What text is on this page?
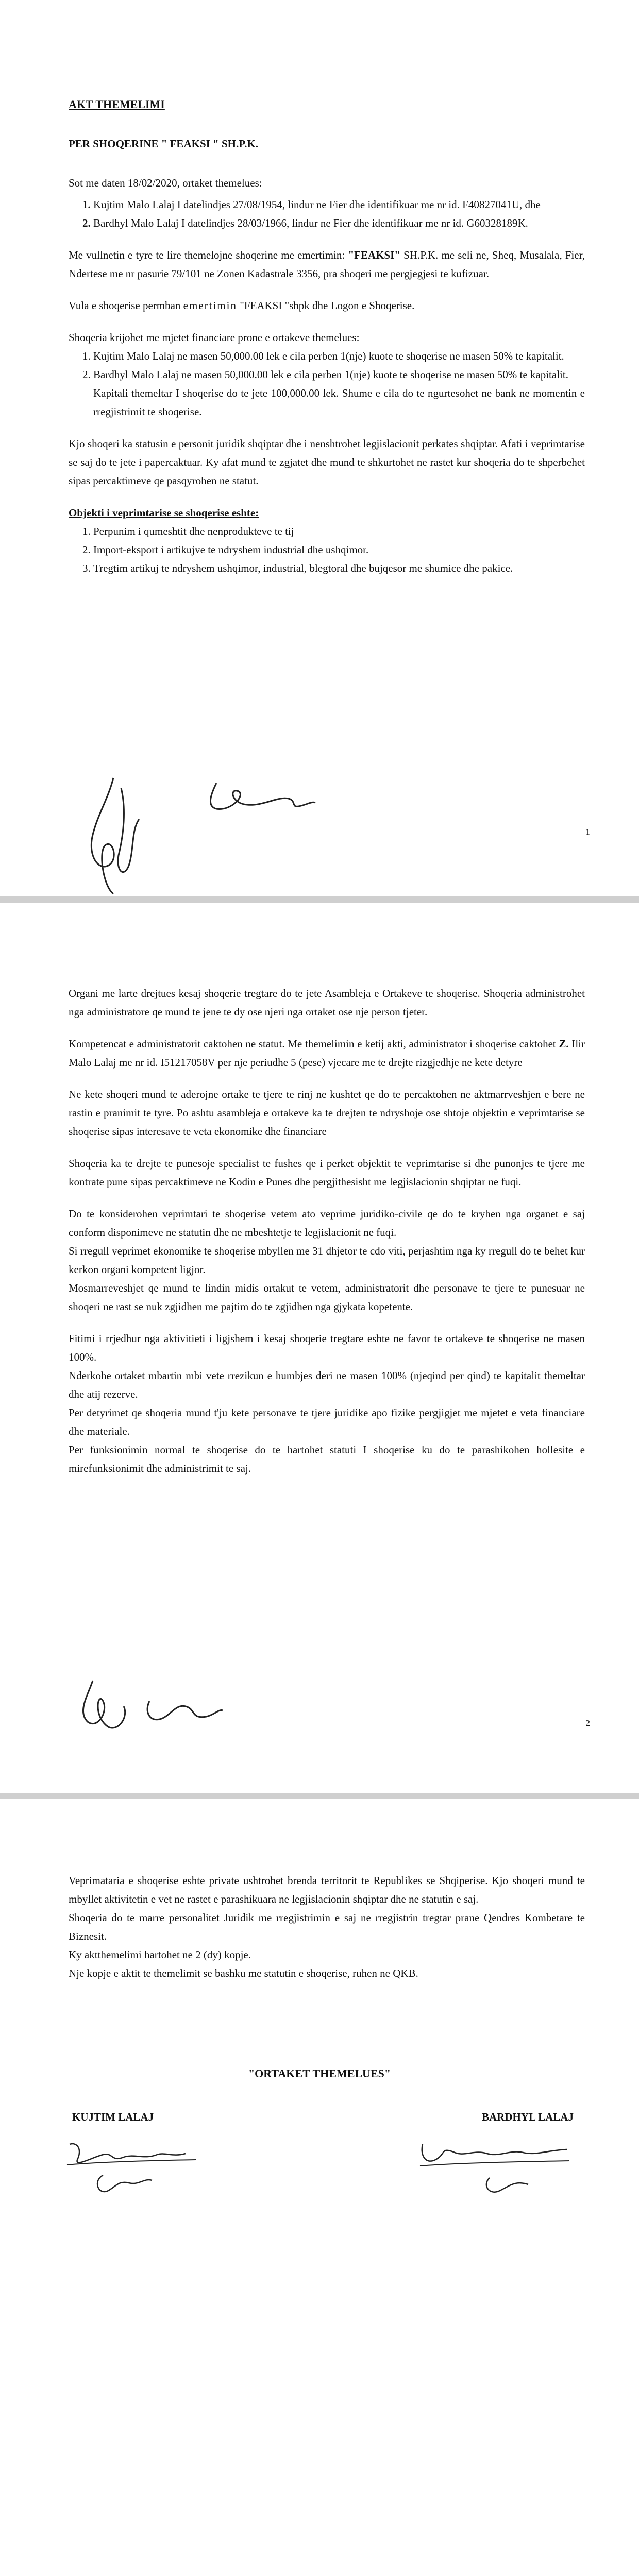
AKT THEMELIMI

PER SHOQERINE " FEAKSI " SH.P.K.

Sot me daten 18/02/2020, ortaket themelues:

1. Kujtim Malo Lalaj I datelindjes 27/08/1954, lindur ne Fier dhe identifikuar me nr id. F40827041U, dhe
2. Bardhyl Malo Lalaj I datelindjes 28/03/1966, lindur ne Fier dhe identifikuar me nr id. G60328189K.

Me vullnetin e tyre te lire themelojne shoqerine me emertimin: "FEAKSI" SH.P.K. me seli ne, Sheq, Musalala, Fier, Ndertese me nr pasurie 79/101 ne Zonen Kadastrale 3356, pra shoqeri me pergjegjesi te kufizuar.

Vula e shoqerise permban emertimin "FEAKSI "shpk dhe Logon e Shoqerise.

Shoqeria krijohet me mjetet financiare prone e ortakeve themelues:

1. Kujtim Malo Lalaj ne masen 50,000.00 lek e cila perben 1(nje) kuote te shoqerise ne masen 50% te kapitalit.
2. Bardhyl Malo Lalaj ne masen 50,000.00 lek e cila perben 1(nje) kuote te shoqerise ne masen 50% te kapitalit.

Kapitali themeltar I shoqerise do te jete 100,000.00 lek. Shume e cila do te ngurtesohet ne bank ne momentin e rregjistrimit te shoqerise.

Kjo shoqeri ka statusin e personit juridik shqiptar dhe i nenshtrohet legjislacionit perkates shqiptar. Afati i veprimtarise se saj do te jete i papercaktuar. Ky afat mund te zgjatet dhe mund te shkurtohet ne rastet kur shoqeria do te shperbehet sipas percaktimeve qe pasqyrohen ne statut.

Objekti i veprimtarise se shoqerise eshte:

1. Perpunim i qumeshtit dhe nenprodukteve te tij
2. Import-eksport i artikujve te ndryshem industrial dhe ushqimor.
3. Tregtim artikuj te ndryshem ushqimor, industrial, blegtoral dhe bujqesor me shumice dhe pakice.
1

Organi me larte drejtues kesaj shoqerie tregtare do te jete Asambleja e Ortakeve te shoqerise. Shoqeria administrohet nga administratore qe mund te jene te dy ose njeri nga ortaket ose nje person tjeter.

Kompetencat e administratorit caktohen ne statut. Me themelimin e ketij akti, administrator i shoqerise caktohet Z. Ilir Malo Lalaj me nr id. I51217058V per nje periudhe 5 (pese) vjecare me te drejte rizgjedhje ne kete detyre

Ne kete shoqeri mund te aderojne ortake te tjere te rinj ne kushtet qe do te percaktohen ne aktmarrveshjen e bere ne rastin e pranimit te tyre. Po ashtu asambleja e ortakeve ka te drejten te ndryshoje ose shtoje objektin e veprimtarise se shoqerise sipas interesave te veta ekonomike dhe financiare

Shoqeria ka te drejte te punesoje specialist te fushes qe i perket objektit te veprimtarise si dhe punonjes te tjere me kontrate pune sipas percaktimeve ne Kodin e Punes dhe pergjithesisht me legjislacionin shqiptar ne fuqi.

Do te konsiderohen veprimtari te shoqerise vetem ato veprime juridiko-civile qe do te kryhen nga organet e saj conform disponimeve ne statutin dhe ne mbeshtetje te legjislacionit ne fuqi.
Si rregull veprimet ekonomike te shoqerise mbyllen me 31 dhjetor te cdo viti, perjashtim nga ky rregull do te behet kur kerkon organi kompetent ligjor.
Mosmarreveshjet qe mund te lindin midis ortakut te vetem, administratorit dhe personave te tjere te punesuar ne shoqeri ne rast se nuk zgjidhen me pajtim do te zgjidhen nga gjykata kopetente.
Fitimi i rrjedhur nga aktivitieti i ligjshem i kesaj shoqerie tregtare eshte ne favor te ortakeve te shoqerise ne masen 100%.
Nderkohe ortaket mbartin mbi vete rrezikun e humbjes deri ne masen 100% (njeqind per qind) te kapitalit themeltar dhe atij rezerve.
Per detyrimet qe shoqeria mund t'ju kete personave te tjere juridike apo fizike pergjigjet me mjetet e veta financiare dhe materiale.
Per funksionimin normal te shoqerise do te hartohet statuti I shoqerise ku do te parashikohen hollesite e mirefunksionimit dhe administrimit te saj.
2
Veprimataria e shoqerise eshte private ushtrohet brenda territorit te Republikes se Shqiperise. Kjo shoqeri mund te mbyllet aktivitetin e vet ne rastet e parashikuara ne legjislacionin shqiptar dhe ne statutin e saj.
Shoqeria do te marre personalitet Juridik me rregjistrimin e saj ne rregjistrin tregtar prane Qendres Kombetare te Biznesit.
Ky aktthemelimi hartohet ne 2 (dy) kopje.
Nje kopje e aktit te themelimit se bashku me statutin e shoqerise, ruhen ne QKB.
"ORTAKET THEMELUES"
KUJTIM LALAJ	BARDHYL LALAJ
